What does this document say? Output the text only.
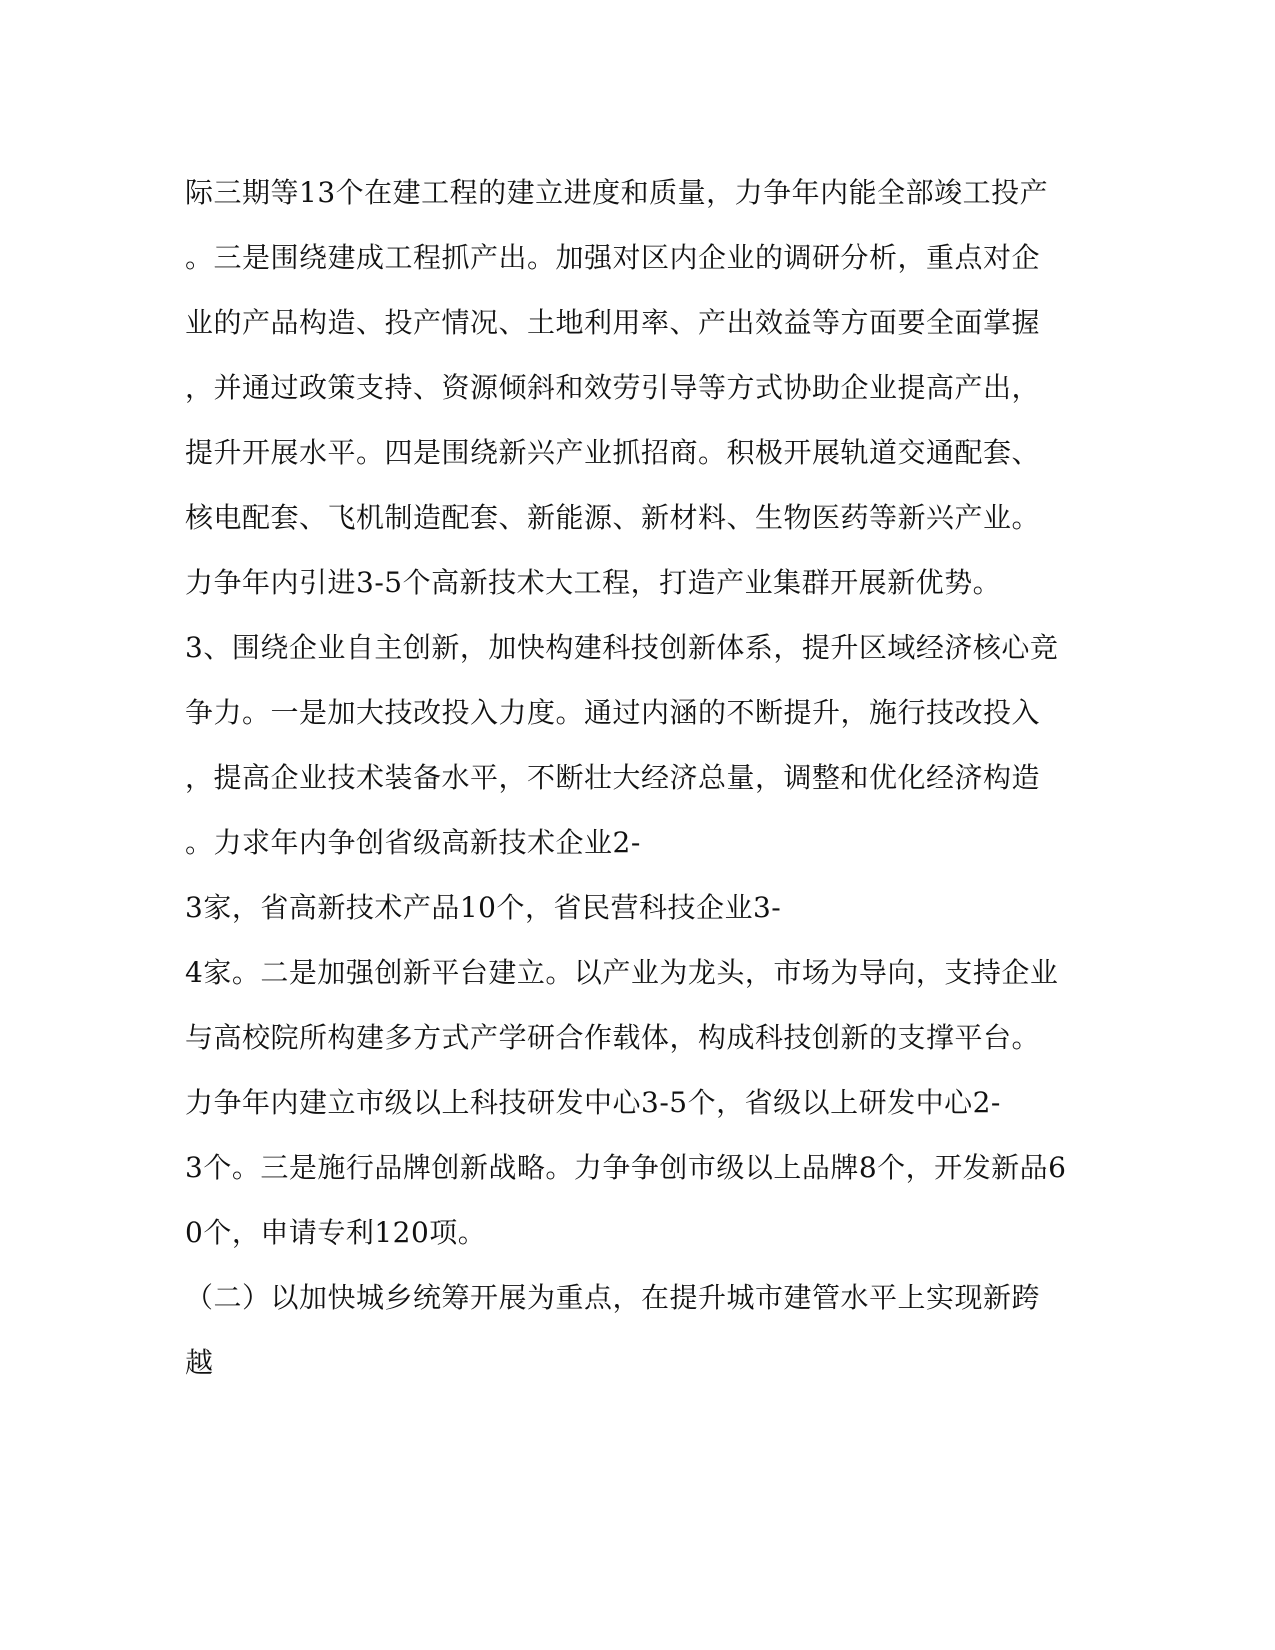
际三期等13个在建工程的建立进度和质量，力争年内能全部竣工投产
。三是围绕建成工程抓产出。加强对区内企业的调研分析，重点对企
业的产品构造、投产情况、土地利用率、产出效益等方面要全面掌握
，并通过政策支持、资源倾斜和效劳引导等方式协助企业提高产出，
提升开展水平。四是围绕新兴产业抓招商。积极开展轨道交通配套、
核电配套、飞机制造配套、新能源、新材料、生物医药等新兴产业。
力争年内引进3-5个高新技术大工程，打造产业集群开展新优势。
3、围绕企业自主创新，加快构建科技创新体系，提升区域经济核心竞
争力。一是加大技改投入力度。通过内涵的不断提升，施行技改投入
，提高企业技术装备水平，不断壮大经济总量，调整和优化经济构造
。力求年内争创省级高新技术企业2-
3家，省高新技术产品10个，省民营科技企业3-
4家。二是加强创新平台建立。以产业为龙头，市场为导向，支持企业
与高校院所构建多方式产学研合作载体，构成科技创新的支撑平台。
力争年内建立市级以上科技研发中心3-5个，省级以上研发中心2-
3个。三是施行品牌创新战略。力争争创市级以上品牌8个，开发新品6
0个，申请专利120项。
（二）以加快城乡统筹开展为重点，在提升城市建管水平上实现新跨
越
